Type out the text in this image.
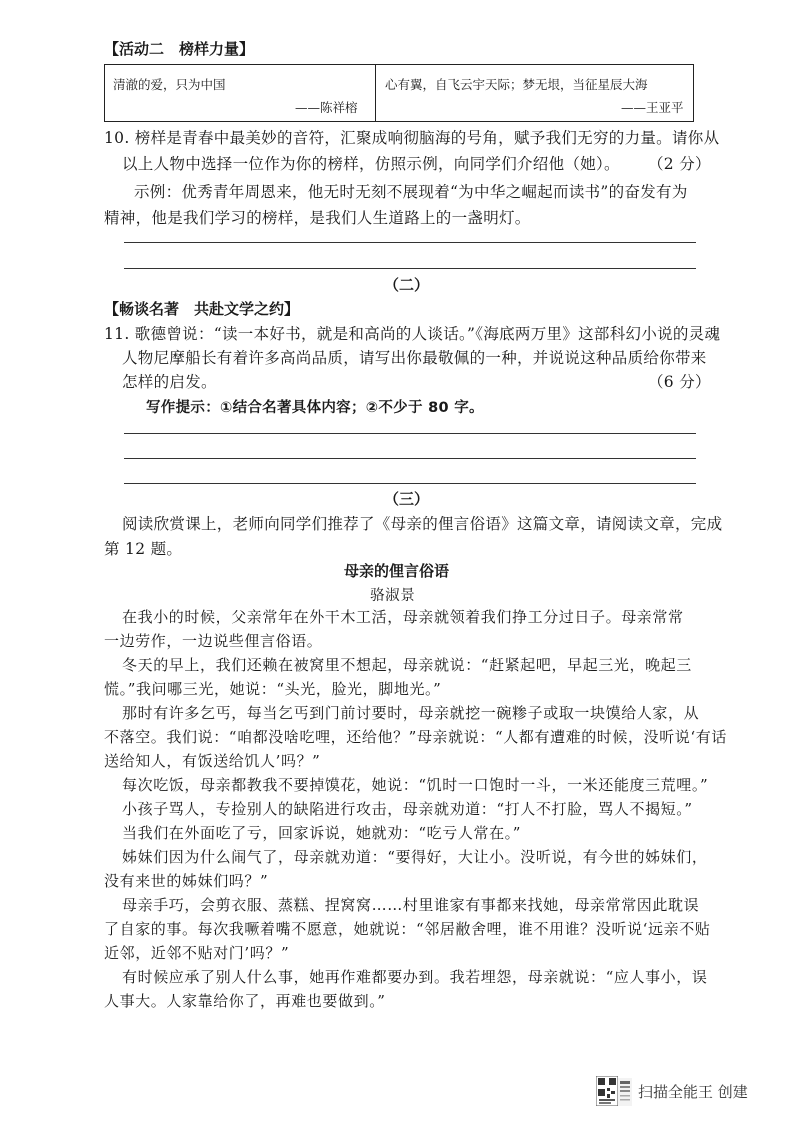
【活动二　榜样力量】
清澈的爱，只为中国
——陈祥榕
心有翼，自飞云宇天际；梦无垠，当征星辰大海
——王亚平
10. 榜样是青春中最美妙的音符，汇聚成响彻脑海的号角，赋予我们无穷的力量。请你从
以上人物中选择一位作为你的榜样，仿照示例，向同学们介绍他（她）。 （2 分）
示例：优秀青年周恩来，他无时无刻不展现着“为中华之崛起而读书”的奋发有为
精神，他是我们学习的榜样，是我们人生道路上的一盏明灯。
（二）
【畅谈名著　共赴文学之约】
11. 歌德曾说：“读一本好书，就是和高尚的人谈话。”《海底两万里》这部科幻小说的灵魂
人物尼摩船长有着许多高尚品质，请写出你最敬佩的一种，并说说这种品质给你带来
怎样的启发。	（6 分）
写作提示：①结合名著具体内容；②不少于 80 字。
（三）
阅读欣赏课上，老师向同学们推荐了《母亲的俚言俗语》这篇文章，请阅读文章，完成
第 12 题。
母亲的俚言俗语
骆淑景
在我小的时候，父亲常年在外干木工活，母亲就领着我们挣工分过日子。母亲常常
一边劳作，一边说些俚言俗语。
冬天的早上，我们还赖在被窝里不想起，母亲就说：“赶紧起吧，早起三光，晚起三
慌。”我问哪三光，她说：“头光，脸光，脚地光。”
那时有许多乞丐，每当乞丐到门前讨要时，母亲就挖一碗糁子或取一块馍给人家，从
不落空。我们说：“咱都没啥吃哩，还给他？”母亲就说：“人都有遭难的时候，没听说‘有话
送给知人，有饭送给饥人’吗？”
每次吃饭，母亲都教我不要掉馍花，她说：“饥时一口饱时一斗，一米还能度三荒哩。”
小孩子骂人，专捡别人的缺陷进行攻击，母亲就劝道：“打人不打脸，骂人不揭短。”
当我们在外面吃了亏，回家诉说，她就劝：“吃亏人常在。”
姊妹们因为什么闹气了，母亲就劝道：“要得好，大让小。没听说，有今世的姊妹们，
没有来世的姊妹们吗？”
母亲手巧，会剪衣服、蒸糕、捏窝窝……村里谁家有事都来找她，母亲常常因此耽误
了自家的事。每次我噘着嘴不愿意，她就说：“邻居敝舍哩，谁不用谁？没听说‘远亲不贴
近邻，近邻不贴对门’吗？”
有时候应承了别人什么事，她再作难都要办到。我若埋怨，母亲就说：“应人事小，误
人事大。人家靠给你了，再难也要做到。”
扫描全能王 创建
